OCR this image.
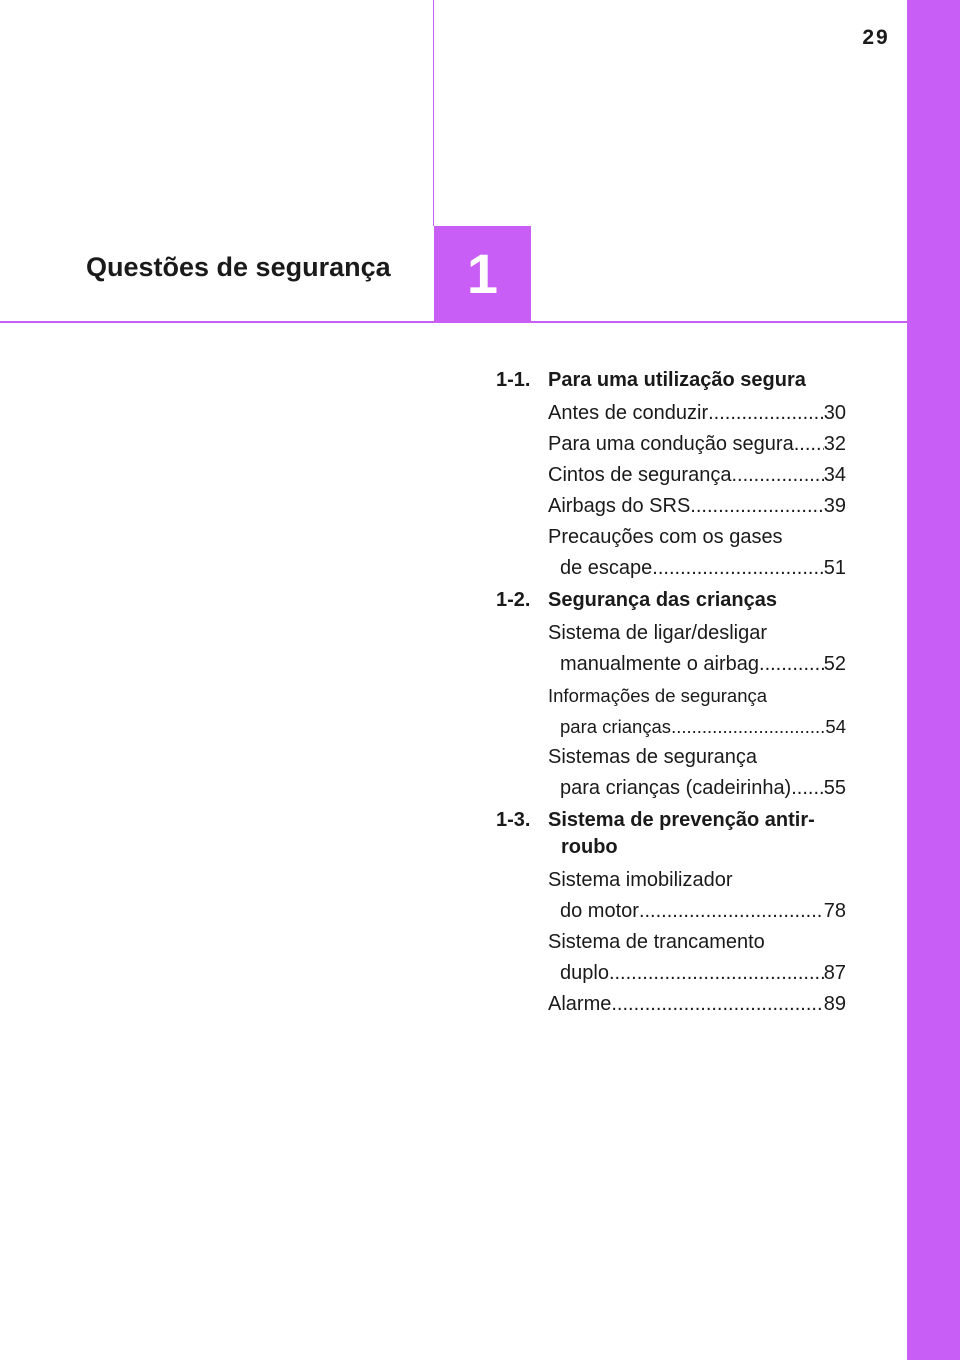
29
Questões de segurança	1
1-1. Para uma utilização segura
Antes de conduzir .....	30
Para uma condução segura ..... 32
Cintos de segurança .....	34
Airbags do SRS .....	39
Precauções com os gases
de escape .....	51
1-2. Segurança das crianças
Sistema de ligar/desligar
manualmente o airbag .....	52
Informações de segurança
para crianças .....	54
Sistemas de segurança
para crianças (cadeirinha) ..... 55
1-3. Sistema de prevenção antir-
roubo
Sistema imobilizador
do motor .....	78
Sistema de trancamento
duplo .....	87
Alarme .....	89
